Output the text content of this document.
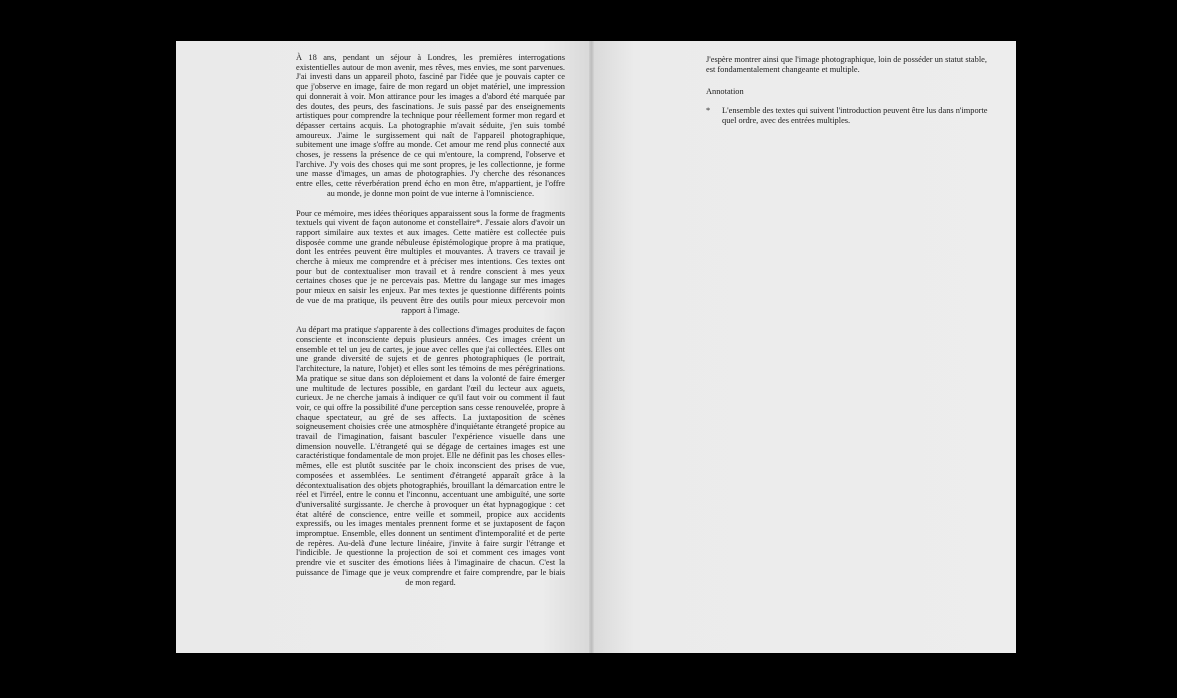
À 18 ans, pendant un séjour à Londres, les premières interrogations existentielles autour de mon avenir, mes rêves, mes envies, me sont parvenues. J'ai investi dans un appareil photo, fasciné par l'idée que je pouvais capter ce que j'observe en image, faire de mon regard un objet matériel, une impression qui donnerait à voir. Mon attirance pour les images a d'abord été marquée par des doutes, des peurs, des fascinations. Je suis passé par des enseignements artistiques pour comprendre la technique pour réellement former mon regard et dépasser certains acquis. La photographie m'avait séduite, j'en suis tombé amoureux. J'aime le surgissement qui naît de l'appareil photographique, subitement une image s'offre au monde. Cet amour me rend plus connecté aux choses, je ressens la présence de ce qui m'entoure, la comprend, l'observe et l'archive. J'y vois des choses qui me sont propres, je les collectionne, je forme une masse d'images, un amas de photographies. J'y cherche des résonances entre elles, cette réverbération prend écho en mon être, m'appartient, je l'offre au monde, je donne mon point de vue interne à l'omniscience.

Pour ce mémoire, mes idées théoriques apparaissent sous la forme de fragments textuels qui vivent de façon autonome et constellaire*. J'essaie alors d'avoir un rapport similaire aux textes et aux images. Cette matière est collectée puis disposée comme une grande nébuleuse épistémologique propre à ma pratique, dont les entrées peuvent être multiples et mouvantes. À travers ce travail je cherche à mieux me comprendre et à préciser mes intentions. Ces textes ont pour but de contextualiser mon travail et à rendre conscient à mes yeux certaines choses que je ne percevais pas. Mettre du langage sur mes images pour mieux en saisir les enjeux. Par mes textes je questionne différents points de vue de ma pratique, ils peuvent être des outils pour mieux percevoir mon rapport à l'image.

Au départ ma pratique s'apparente à des collections d'images produites de façon consciente et inconsciente depuis plusieurs années. Ces images créent un ensemble et tel un jeu de cartes, je joue avec celles que j'ai collectées. Elles ont une grande diversité de sujets et de genres photographiques (le portrait, l'architecture, la nature, l'objet) et elles sont les témoins de mes pérégrinations. Ma pratique se situe dans son déploiement et dans la volonté de faire émerger une multitude de lectures possible, en gardant l'œil du lecteur aux aguets, curieux. Je ne cherche jamais à indiquer ce qu'il faut voir ou comment il faut voir, ce qui offre la possibilité d'une perception sans cesse renouvelée, propre à chaque spectateur, au gré de ses affects. La juxtaposition de scènes soigneusement choisies crée une atmosphère d'inquiétante étrangeté propice au travail de l'imagination, faisant basculer l'expérience visuelle dans une dimension nouvelle. L'étrangeté qui se dégage de certaines images est une caractéristique fondamentale de mon projet. Elle ne définit pas les choses elles-mêmes, elle est plutôt suscitée par le choix inconscient des prises de vue, composées et assemblées. Le sentiment d'étrangeté apparaît grâce à la décontextualisation des objets photographiés, brouillant la démarcation entre le réel et l'irréel, entre le connu et l'inconnu, accentuant une ambiguïté, une sorte d'universalité surgissante. Je cherche à provoquer un état hypnagogique : cet état altéré de conscience, entre veille et sommeil, propice aux accidents expressifs, ou les images mentales prennent forme et se juxtaposent de façon impromptue. Ensemble, elles donnent un sentiment d'intemporalité et de perte de repères. Au-delà d'une lecture linéaire, j'invite à faire surgir l'étrange et l'indicible. Je questionne la projection de soi et comment ces images vont prendre vie et susciter des émotions liées à l'imaginaire de chacun. C'est la puissance de l'image que je veux comprendre et faire comprendre, par le biais de mon regard.

J'espère montrer ainsi que l'image photographique, loin de posséder un statut stable, est fondamentalement changeante et multiple.

Annotation

*	L'ensemble des textes qui suivent l'introduction peuvent être lus dans n'importe quel ordre, avec des entrées multiples.
